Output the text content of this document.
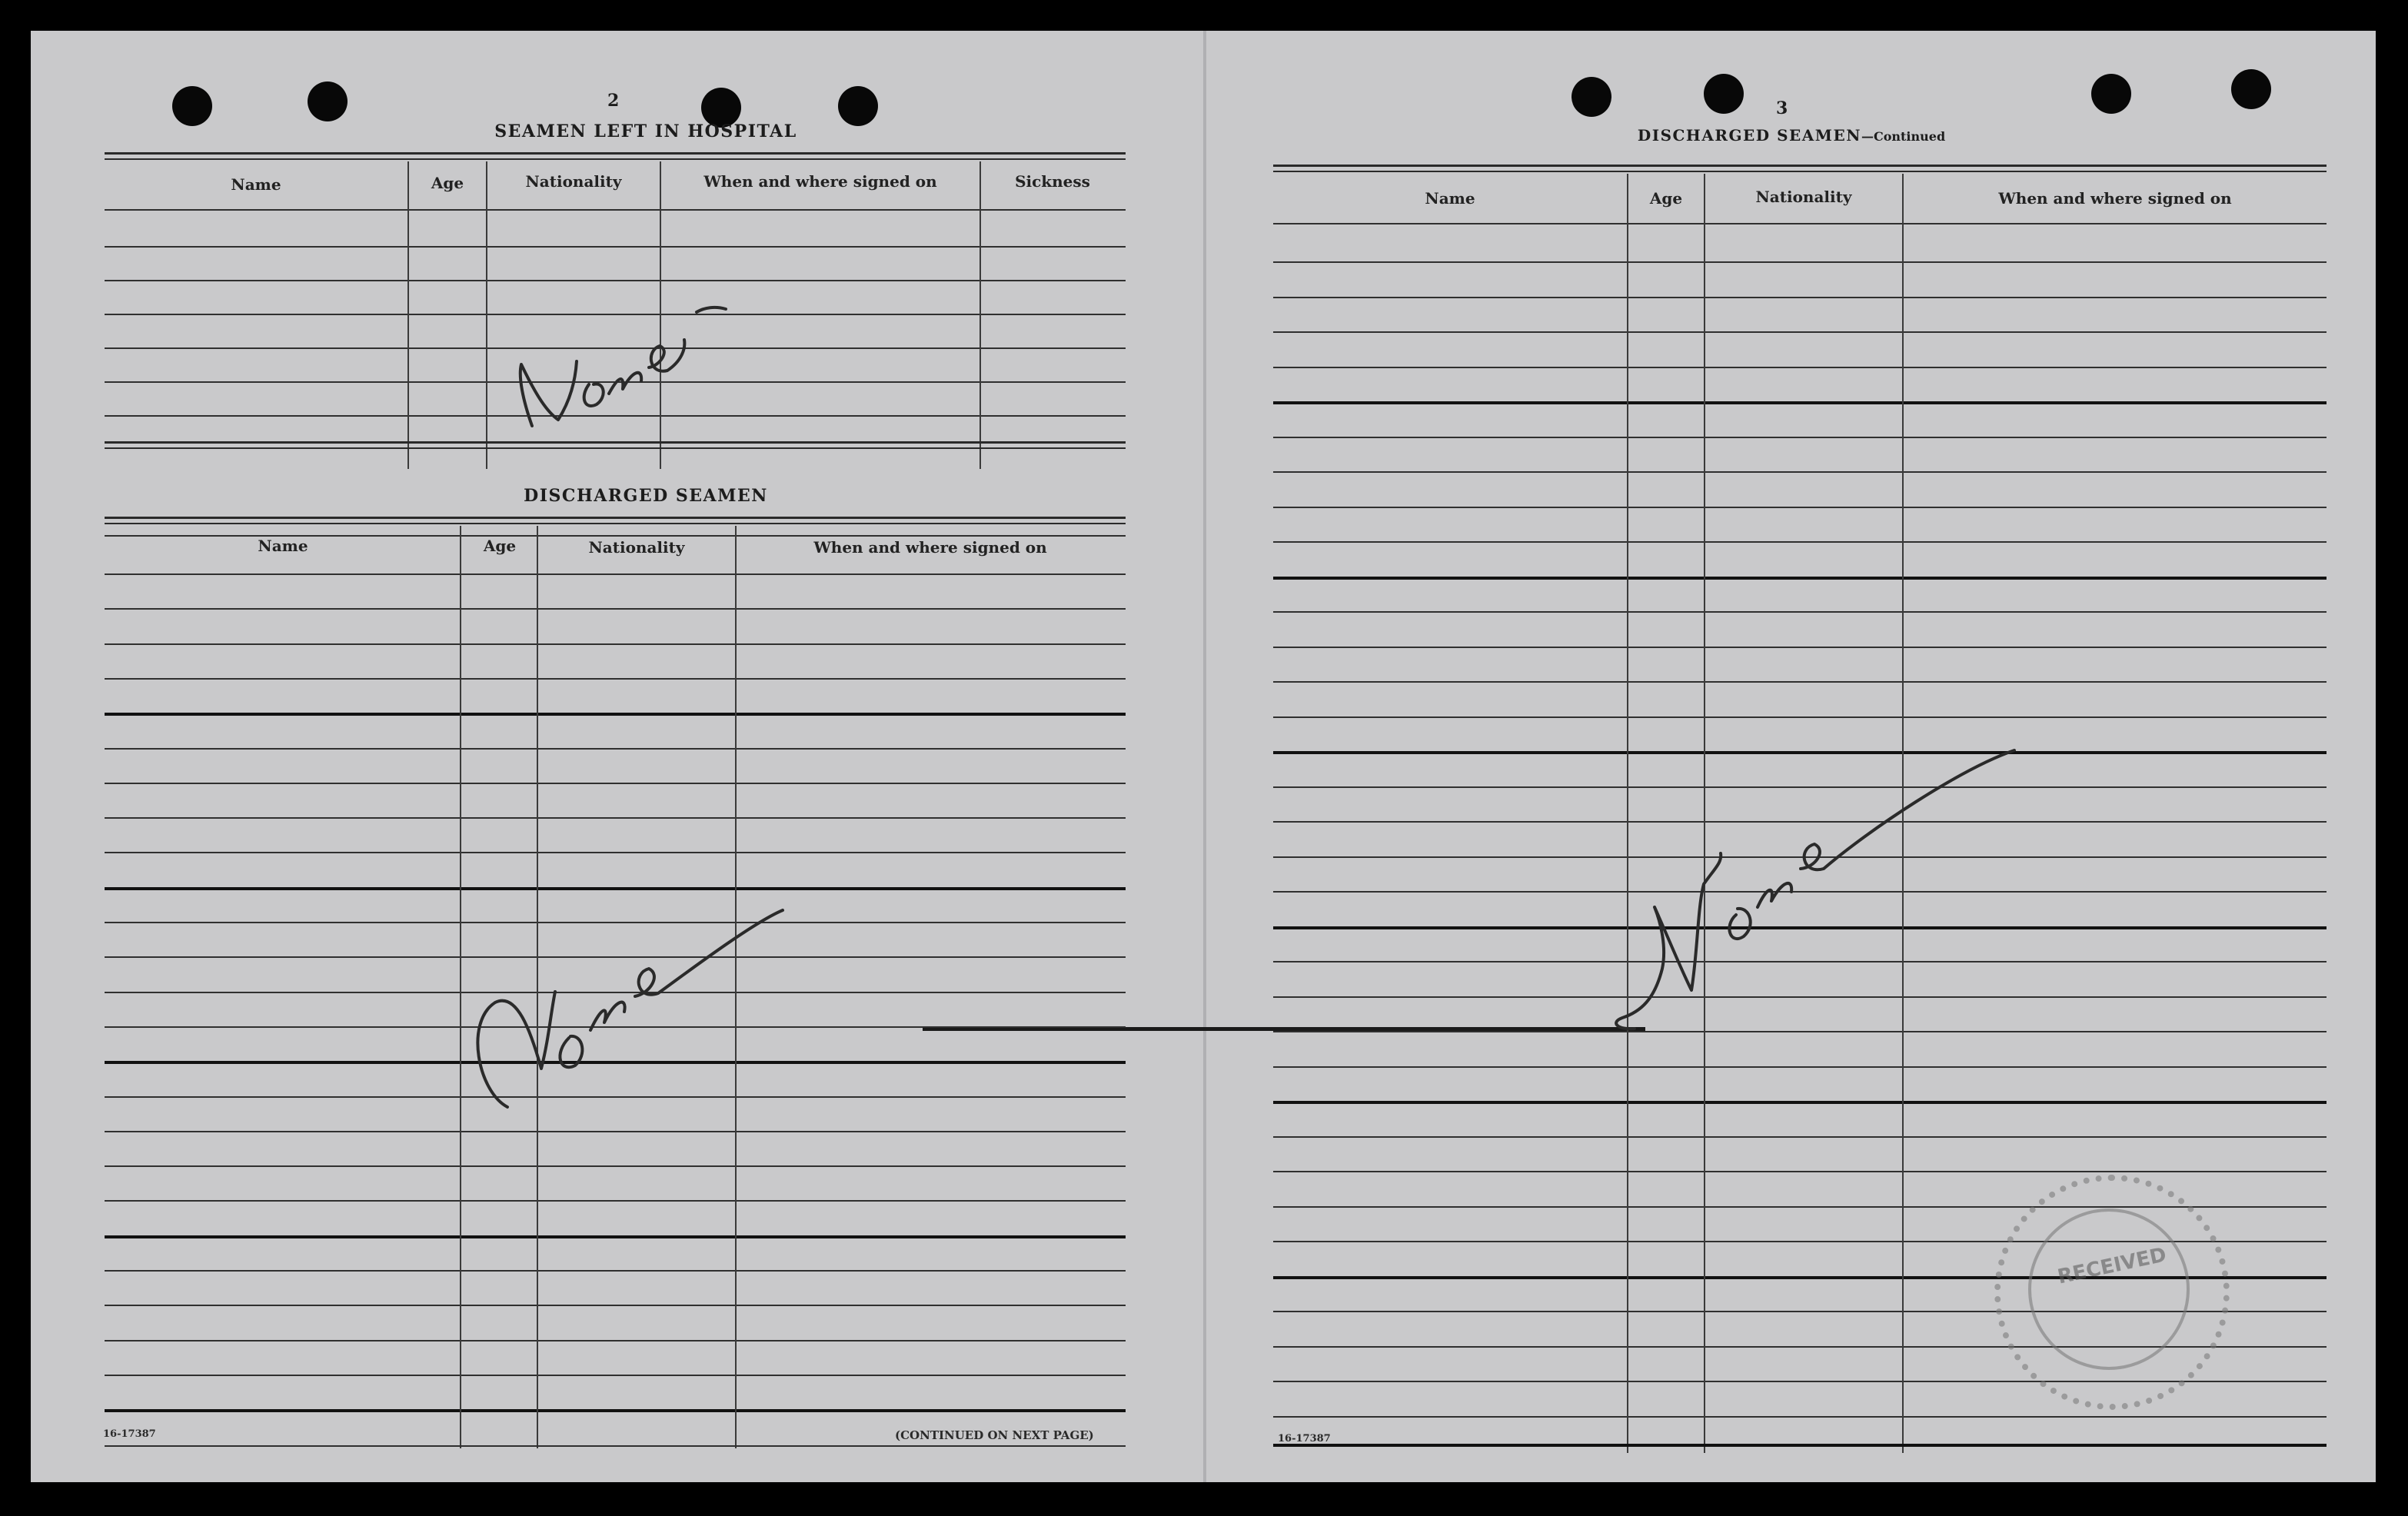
2
SEAMEN LEFT IN HOSPITAL
Name	Age	Nationality	When and where signed on	Sickness
DISCHARGED SEAMEN
Name	Age	Nationality	When and where signed on
16-17387	(CONTINUED ON NEXT PAGE)
3
DISCHARGED SEAMEN—Continued
Name	Age	Nationality	When and where signed on
RECEIVED
16-17387
